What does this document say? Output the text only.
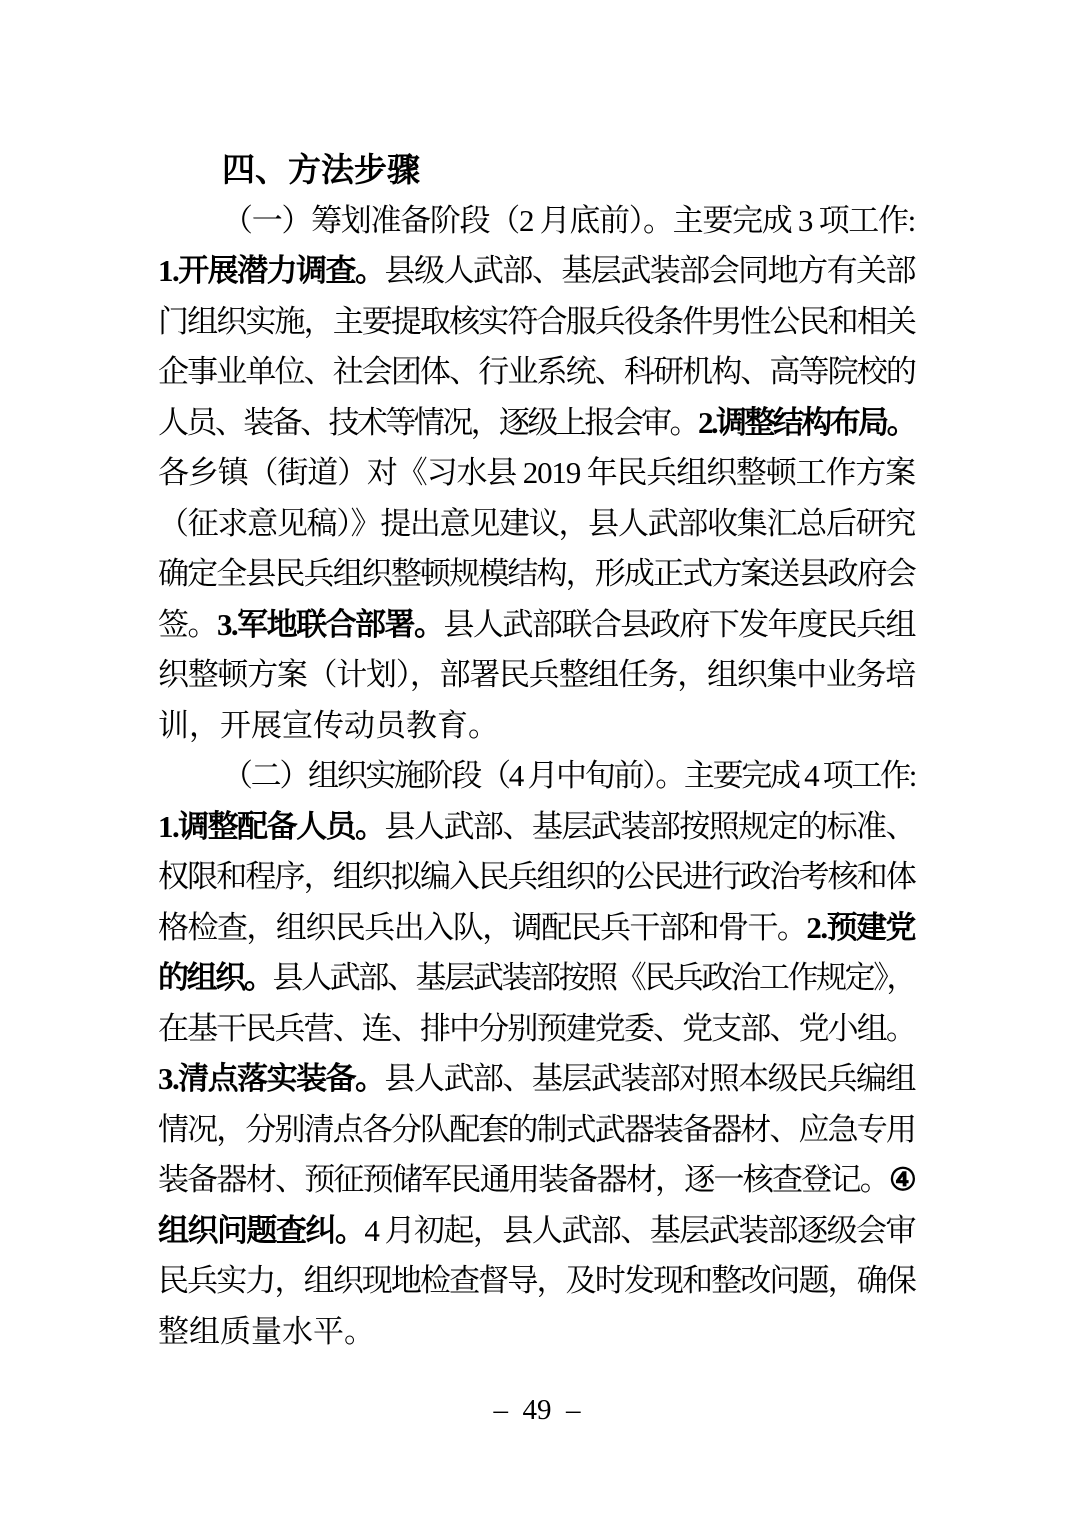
四、方法步骤
（一）筹划准备阶段（2 月底前）。主要完成 3 项工作:
1.开展潜力调查。县级人武部、基层武装部会同地方有关部
门组织实施，主要提取核实符合服兵役条件男性公民和相关
企事业单位、社会团体、行业系统、科研机构、高等院校的
人员、装备、技术等情况，逐级上报会审。2.调整结构布局。
各乡镇（街道）对《习水县 2019 年民兵组织整顿工作方案
（征求意见稿）》提出意见建议，县人武部收集汇总后研究
确定全县民兵组织整顿规模结构，形成正式方案送县政府会
签。3.军地联合部署。县人武部联合县政府下发年度民兵组
织整顿方案（计划），部署民兵整组任务，组织集中业务培
训，开展宣传动员教育。
（二）组织实施阶段（4 月中旬前）。主要完成 4 项工作:
1.调整配备人员。县人武部、基层武装部按照规定的标准、
权限和程序，组织拟编入民兵组织的公民进行政治考核和体
格检查，组织民兵出入队，调配民兵干部和骨干。2.预建党
的组织。县人武部、基层武装部按照《民兵政治工作规定》，
在基干民兵营、连、排中分别预建党委、党支部、党小组。
3.清点落实装备。县人武部、基层武装部对照本级民兵编组
情况，分别清点各分队配套的制式武器装备器材、应急专用
装备器材、预征预储军民通用装备器材，逐一核查登记。④
组织问题查纠。4 月初起，县人武部、基层武装部逐级会审
民兵实力，组织现地检查督导，及时发现和整改问题，确保
整组质量水平。
–  49  –
